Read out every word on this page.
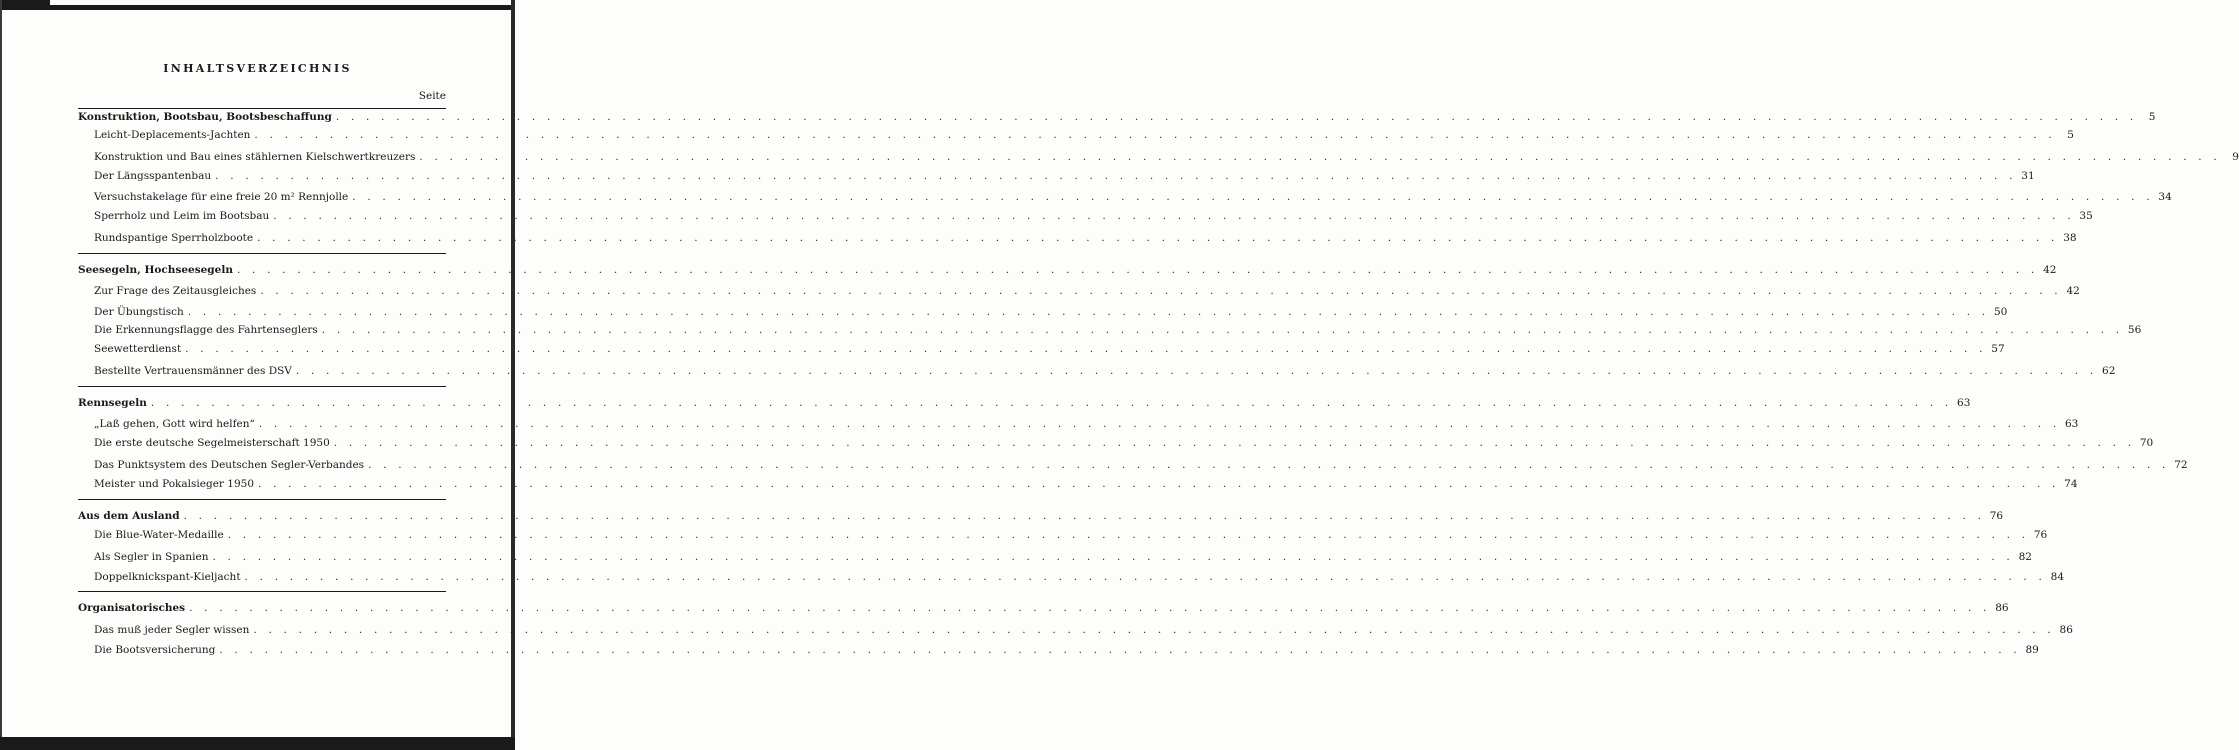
INHALTSVERZEICHNIS
Seite
Konstruktion, Bootsbau, Bootsbeschaffung . . . . . . . . . . . . . . . . . . . . . . . . . . . . . . . . . . . . . . . . . . . . . . . . . . . . . . . . . . . . . . . . . . . . . . . . . . . . . . . . . . . . . . . . . . . . . . . . . . . . . . . . . . . . . . . . . . . . . . . .	5
Leicht-Deplacements-Jachten . . . . . . . . . . . . . . . . . . . . . . . . . . . . . . . . . . . . . . . . . . . . . . . . . . . . . . . . . . . . . . . . . . . . . . . . . . . . . . . . . . . . . . . . . . . . . . . . . . . . . . . . . . . . . . . . . . . . . . . .	5
Konstruktion und Bau eines stählernen Kielschwertkreuzers . . . . . . . . . . . . . . . . . . . . . . . . . . . . . . . . . . . . . . . . . . . . . . . . . . . . . . . . . . . . . . . . . . . . . . . . . . . . . . . . . . . . . . . . . . . . . . . . . . . . . . . . . . . . . . . . . . . . . . . .	9
Der Längsspantenbau . . . . . . . . . . . . . . . . . . . . . . . . . . . . . . . . . . . . . . . . . . . . . . . . . . . . . . . . . . . . . . . . . . . . . . . . . . . . . . . . . . . . . . . . . . . . . . . . . . . . . . . . . . . . . . . . . . . . . . . . 31
Versuchstakelage für eine freie 20 m² Rennjolle . . . . . . . . . . . . . . . . . . . . . . . . . . . . . . . . . . . . . . . . . . . . . . . . . . . . . . . . . . . . . . . . . . . . . . . . . . . . . . . . . . . . . . . . . . . . . . . . . . . . . . . . . . . . . . . . . . . . . . . . 34
Sperrholz und Leim im Bootsbau . . . . . . . . . . . . . . . . . . . . . . . . . . . . . . . . . . . . . . . . . . . . . . . . . . . . . . . . . . . . . . . . . . . . . . . . . . . . . . . . . . . . . . . . . . . . . . . . . . . . . . . . . . . . . . . . . . . . . . . . 35
Rundspantige Sperrholzboote . . . . . . . . . . . . . . . . . . . . . . . . . . . . . . . . . . . . . . . . . . . . . . . . . . . . . . . . . . . . . . . . . . . . . . . . . . . . . . . . . . . . . . . . . . . . . . . . . . . . . . . . . . . . . . . . . . . . . . . . 38
Seesegeln, Hochseesegeln . . . . . . . . . . . . . . . . . . . . . . . . . . . . . . . . . . . . . . . . . . . . . . . . . . . . . . . . . . . . . . . . . . . . . . . . . . . . . . . . . . . . . . . . . . . . . . . . . . . . . . . . . . . . . . . . . . . . . . . . 42
Zur Frage des Zeitausgleiches . . . . . . . . . . . . . . . . . . . . . . . . . . . . . . . . . . . . . . . . . . . . . . . . . . . . . . . . . . . . . . . . . . . . . . . . . . . . . . . . . . . . . . . . . . . . . . . . . . . . . . . . . . . . . . . . . . . . . . . . 42
Der Übungstisch . . . . . . . . . . . . . . . . . . . . . . . . . . . . . . . . . . . . . . . . . . . . . . . . . . . . . . . . . . . . . . . . . . . . . . . . . . . . . . . . . . . . . . . . . . . . . . . . . . . . . . . . . . . . . . . . . . . . . . . . 50
Die Erkennungsflagge des Fahrtenseglers . . . . . . . . . . . . . . . . . . . . . . . . . . . . . . . . . . . . . . . . . . . . . . . . . . . . . . . . . . . . . . . . . . . . . . . . . . . . . . . . . . . . . . . . . . . . . . . . . . . . . . . . . . . . . . . . . . . . . . . . 56
Seewetterdienst . . . . . . . . . . . . . . . . . . . . . . . . . . . . . . . . . . . . . . . . . . . . . . . . . . . . . . . . . . . . . . . . . . . . . . . . . . . . . . . . . . . . . . . . . . . . . . . . . . . . . . . . . . . . . . . . . . . . . . . . 57
Bestellte Vertrauensmänner des DSV . . . . . . . . . . . . . . . . . . . . . . . . . . . . . . . . . . . . . . . . . . . . . . . . . . . . . . . . . . . . . . . . . . . . . . . . . . . . . . . . . . . . . . . . . . . . . . . . . . . . . . . . . . . . . . . . . . . . . . . . 62
Rennsegeln . . . . . . . . . . . . . . . . . . . . . . . . . . . . . . . . . . . . . . . . . . . . . . . . . . . . . . . . . . . . . . . . . . . . . . . . . . . . . . . . . . . . . . . . . . . . . . . . . . . . . . . . . . . . . . . . . . . . . . . . 63
„Laß gehen, Gott wird helfen“ . . . . . . . . . . . . . . . . . . . . . . . . . . . . . . . . . . . . . . . . . . . . . . . . . . . . . . . . . . . . . . . . . . . . . . . . . . . . . . . . . . . . . . . . . . . . . . . . . . . . . . . . . . . . . . . . . . . . . . . . 63
Die erste deutsche Segelmeisterschaft 1950 . . . . . . . . . . . . . . . . . . . . . . . . . . . . . . . . . . . . . . . . . . . . . . . . . . . . . . . . . . . . . . . . . . . . . . . . . . . . . . . . . . . . . . . . . . . . . . . . . . . . . . . . . . . . . . . . . . . . . . . . 70
Das Punktsystem des Deutschen Segler-Verbandes . . . . . . . . . . . . . . . . . . . . . . . . . . . . . . . . . . . . . . . . . . . . . . . . . . . . . . . . . . . . . . . . . . . . . . . . . . . . . . . . . . . . . . . . . . . . . . . . . . . . . . . . . . . . . . . . . . . . . . . . 72
Meister und Pokalsieger 1950 . . . . . . . . . . . . . . . . . . . . . . . . . . . . . . . . . . . . . . . . . . . . . . . . . . . . . . . . . . . . . . . . . . . . . . . . . . . . . . . . . . . . . . . . . . . . . . . . . . . . . . . . . . . . . . . . . . . . . . . . 74
Aus dem Ausland . . . . . . . . . . . . . . . . . . . . . . . . . . . . . . . . . . . . . . . . . . . . . . . . . . . . . . . . . . . . . . . . . . . . . . . . . . . . . . . . . . . . . . . . . . . . . . . . . . . . . . . . . . . . . . . . . . . . . . . . 76
Die Blue-Water-Medaille . . . . . . . . . . . . . . . . . . . . . . . . . . . . . . . . . . . . . . . . . . . . . . . . . . . . . . . . . . . . . . . . . . . . . . . . . . . . . . . . . . . . . . . . . . . . . . . . . . . . . . . . . . . . . . . . . . . . . . . . 76
Als Segler in Spanien . . . . . . . . . . . . . . . . . . . . . . . . . . . . . . . . . . . . . . . . . . . . . . . . . . . . . . . . . . . . . . . . . . . . . . . . . . . . . . . . . . . . . . . . . . . . . . . . . . . . . . . . . . . . . . . . . . . . . . . . 82
Doppelknickspant-Kieljacht . . . . . . . . . . . . . . . . . . . . . . . . . . . . . . . . . . . . . . . . . . . . . . . . . . . . . . . . . . . . . . . . . . . . . . . . . . . . . . . . . . . . . . . . . . . . . . . . . . . . . . . . . . . . . . . . . . . . . . . . 84
Organisatorisches . . . . . . . . . . . . . . . . . . . . . . . . . . . . . . . . . . . . . . . . . . . . . . . . . . . . . . . . . . . . . . . . . . . . . . . . . . . . . . . . . . . . . . . . . . . . . . . . . . . . . . . . . . . . . . . . . . . . . . . . 86
Das muß jeder Segler wissen . . . . . . . . . . . . . . . . . . . . . . . . . . . . . . . . . . . . . . . . . . . . . . . . . . . . . . . . . . . . . . . . . . . . . . . . . . . . . . . . . . . . . . . . . . . . . . . . . . . . . . . . . . . . . . . . . . . . . . . . 86
Die Bootsversicherung . . . . . . . . . . . . . . . . . . . . . . . . . . . . . . . . . . . . . . . . . . . . . . . . . . . . . . . . . . . . . . . . . . . . . . . . . . . . . . . . . . . . . . . . . . . . . . . . . . . . . . . . . . . . . . . . . . . . . . . . 89
